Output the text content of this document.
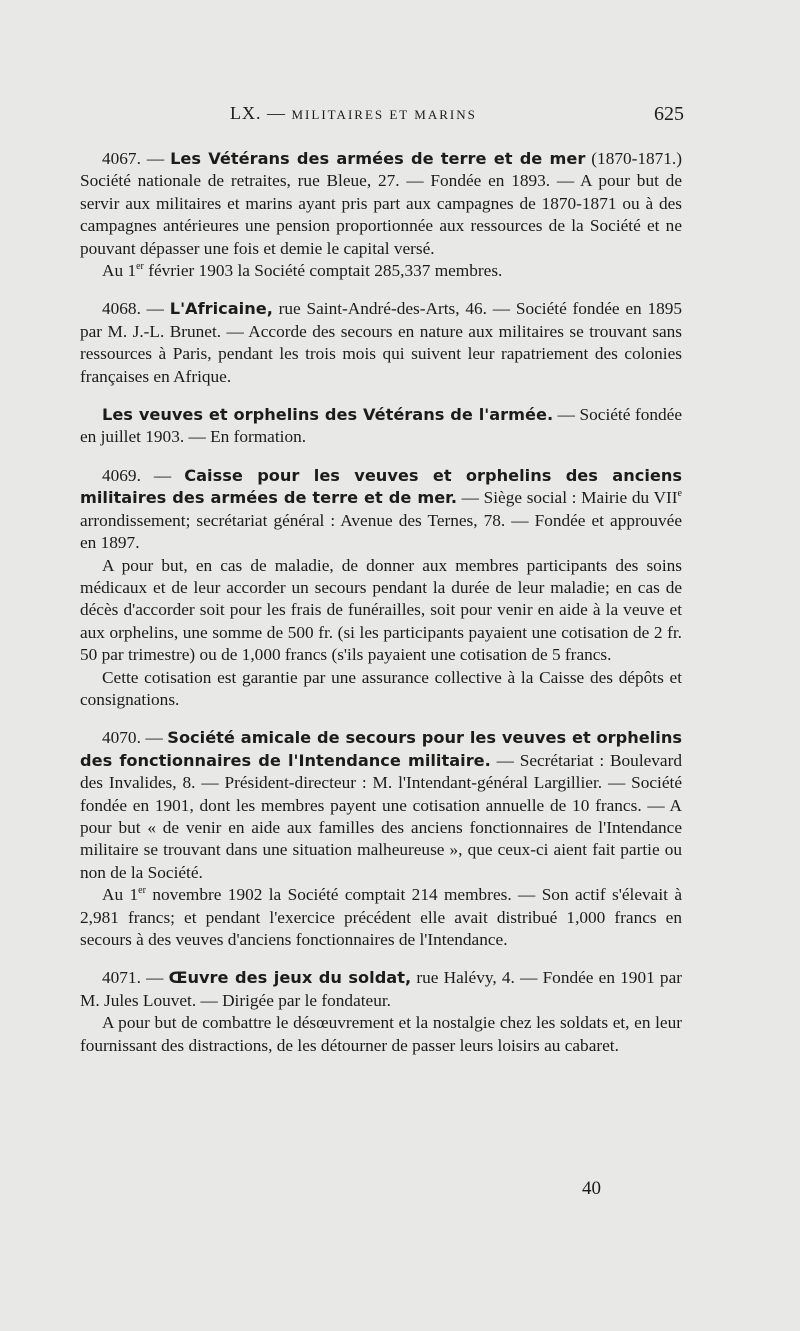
LX. — MILITAIRES ET MARINS	625

4067. — Les Vétérans des armées de terre et de mer (1870-1871.) Société nationale de retraites, rue Bleue, 27. — Fondée en 1893. — A pour but de servir aux militaires et marins ayant pris part aux campagnes de 1870-1871 ou à des campagnes antérieures une pension proportionnée aux ressources de la Société et ne pouvant dépasser une fois et demie le capital versé.

Au 1er février 1903 la Société comptait 285,337 membres.

4068. — L'Africaine, rue Saint-André-des-Arts, 46. — Société fondée en 1895 par M. J.-L. Brunet. — Accorde des secours en nature aux militaires se trouvant sans ressources à Paris, pendant les trois mois qui suivent leur rapatriement des colonies françaises en Afrique.

Les veuves et orphelins des Vétérans de l'armée. — Société fondée en juillet 1903. — En formation.

4069. — Caisse pour les veuves et orphelins des anciens militaires des armées de terre et de mer. — Siège social : Mairie du VIIe arrondissement; secrétariat général : Avenue des Ternes, 78. — Fondée et approuvée en 1897.

A pour but, en cas de maladie, de donner aux membres participants des soins médicaux et de leur accorder un secours pendant la durée de leur maladie; en cas de décès d'accorder soit pour les frais de funérailles, soit pour venir en aide à la veuve et aux orphelins, une somme de 500 fr. (si les participants payaient une cotisation de 2 fr. 50 par trimestre) ou de 1,000 francs (s'ils payaient une cotisation de 5 francs.

Cette cotisation est garantie par une assurance collective à la Caisse des dépôts et consignations.

4070. — Société amicale de secours pour les veuves et orphelins des fonctionnaires de l'Intendance militaire. — Secrétariat : Boulevard des Invalides, 8. — Président-directeur : M. l'Intendant-général Largillier. — Société fondée en 1901, dont les membres payent une cotisation annuelle de 10 francs. — A pour but « de venir en aide aux familles des anciens fonctionnaires de l'Intendance militaire se trouvant dans une situation malheureuse », que ceux-ci aient fait partie ou non de la Société.

Au 1er novembre 1902 la Société comptait 214 membres. — Son actif s'élevait à 2,981 francs; et pendant l'exercice précédent elle avait distribué 1,000 francs en secours à des veuves d'anciens fonctionnaires de l'Intendance.

4071. — Œuvre des jeux du soldat, rue Halévy, 4. — Fondée en 1901 par M. Jules Louvet. — Dirigée par le fondateur.

A pour but de combattre le désœuvrement et la nostalgie chez les soldats et, en leur fournissant des distractions, de les détourner de passer leurs loisirs au cabaret.

40
